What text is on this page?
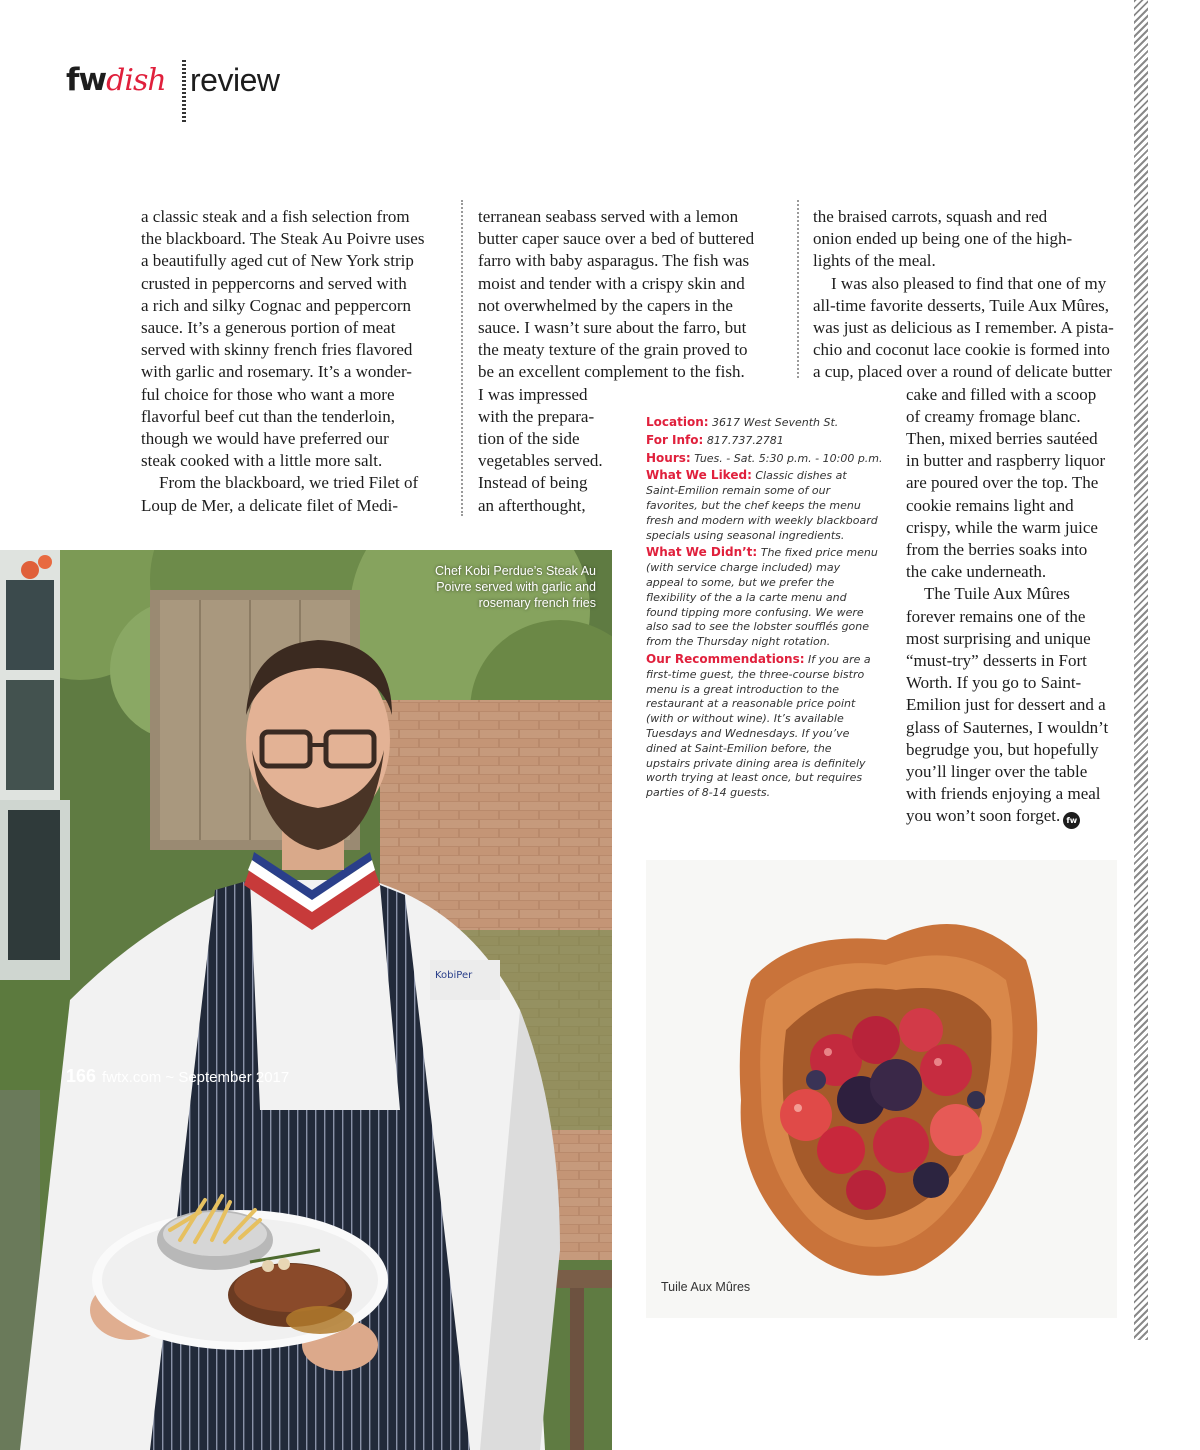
fwdish review

a classic steak and a fish selection from

the blackboard. The Steak Au Poivre uses

a beautifully aged cut of New York strip

crusted in peppercorns and served with

a rich and silky Cognac and peppercorn

sauce. It’s a generous portion of meat

served with skinny french fries flavored

with garlic and rosemary. It’s a wonder-

ful choice for those who want a more

flavorful beef cut than the tenderloin,

though we would have preferred our

steak cooked with a little more salt.

From the blackboard, we tried Filet of

Loup de Mer, a delicate filet of Medi-

terranean seabass served with a lemon

butter caper sauce over a bed of buttered

farro with baby asparagus. The fish was

moist and tender with a crispy skin and

not overwhelmed by the capers in the

sauce. I wasn’t sure about the farro, but

the meaty texture of the grain proved to

be an excellent complement to the fish.

I was impressed

with the prepara-

tion of the side

vegetables served.

Instead of being

an afterthought,

the braised carrots, squash and red

onion ended up being one of the high-

lights of the meal.

I was also pleased to find that one of my

all-time favorite desserts, Tuile Aux Mûres,

was just as delicious as I remember. A pista-

chio and coconut lace cookie is formed into

a cup, placed over a round of delicate butter

cake and filled with a scoop

of creamy fromage blanc.

Then, mixed berries sautéed

in butter and raspberry liquor

are poured over the top. The

cookie remains light and

crispy, while the warm juice

from the berries soaks into

the cake underneath.

The Tuile Aux Mûres

forever remains one of the

most surprising and unique

“must-try” desserts in Fort

Worth. If you go to Saint-

Emilion just for dessert and a

glass of Sauternes, I wouldn’t

begrudge you, but hopefully

you’ll linger over the table

with friends enjoying a meal

you won’t soon forget. fw

Location: 3617 West Seventh St.

For Info: 817.737.2781

Hours: Tues. - Sat. 5:30 p.m. - 10:00 p.m.

What We Liked: Classic dishes at Saint-Emilion remain some of our favorites, but the chef keeps the menu fresh and modern with weekly blackboard specials using seasonal ingredients.

What We Didn’t: The fixed price menu (with service charge included) may appeal to some, but we prefer the flexibility of the a la carte menu and found tipping more confusing. We were also sad to see the lobster soufflés gone from the Thursday night rotation.

Our Recommendations: If you are a first-time guest, the three-course bistro menu is a great introduction to the restaurant at a reasonable price point (with or without wine). It’s available Tuesdays and Wednesdays. If you’ve dined at Saint-Emilion before, the upstairs private dining area is definitely worth trying at least once, but requires parties of 8-14 guests.

KobiPer
Chef Kobi Perdue’s Steak Au
Poivre served with garlic and
rosemary french fries
Tuile Aux Mûres
166 fwtx.com ~ September 2017
